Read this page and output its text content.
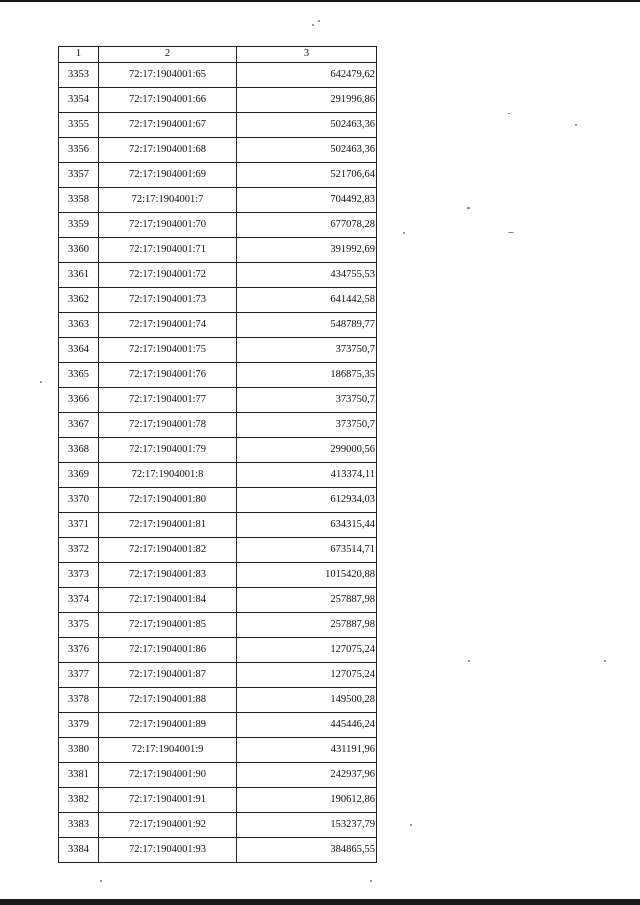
1	2	3
3353	72:17:1904001:65	642479,62
3354	72:17:1904001:66	291996,86
3355	72:17:1904001:67	502463,36
3356	72:17:1904001:68	502463,36
3357	72:17:1904001:69	521706,64
3358	72:17:1904001:7	704492,83
3359	72:17:1904001:70	677078,28
3360	72:17:1904001:71	391992,69
3361	72:17:1904001:72	434755,53
3362	72:17:1904001:73	641442,58
3363	72:17:1904001:74	548789,77
3364	72:17:1904001:75	373750,7
3365	72:17:1904001:76	186875,35
3366	72:17:1904001:77	373750,7
3367	72:17:1904001:78	373750,7
3368	72:17:1904001:79	299000,56
3369	72:17:1904001:8	413374,11
3370	72:17:1904001:80	612934,03
3371	72:17:1904001:81	634315,44
3372	72:17:1904001:82	673514,71
3373	72:17:1904001:83	1015420,88
3374	72:17:1904001:84	257887,98
3375	72:17:1904001:85	257887,98
3376	72:17:1904001:86	127075,24
3377	72:17:1904001:87	127075,24
3378	72:17:1904001:88	149500,28
3379	72:17:1904001:89	445446,24
3380	72:17:1904001:9	431191,96
3381	72:17:1904001:90	242937,96
3382	72:17:1904001:91	190612,86
3383	72:17:1904001:92	153237,79
3384	72:17:1904001:93	384865,55
